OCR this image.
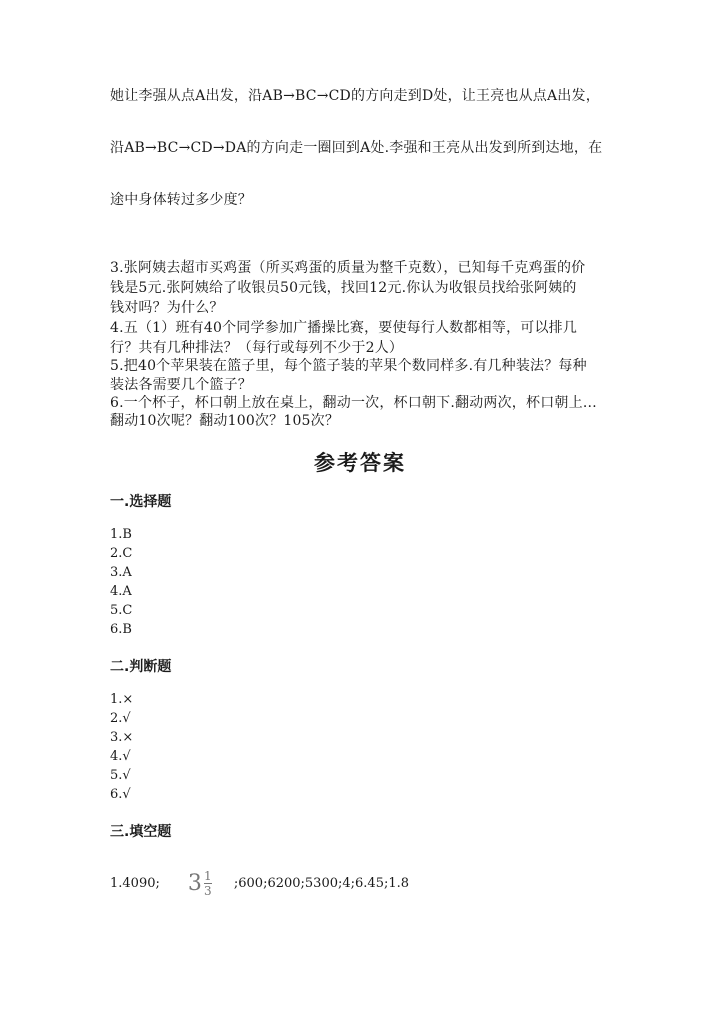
她让李强从点A出发，沿AB→BC→CD的方向走到D处，让王亮也从点A出发，
沿AB→BC→CD→DA的方向走一圈回到A处.李强和王亮从出发到所到达地，在
途中身体转过多少度？
3.张阿姨去超市买鸡蛋（所买鸡蛋的质量为整千克数），已知每千克鸡蛋的价
钱是5元.张阿姨给了收银员50元钱，找回12元.你认为收银员找给张阿姨的
钱对吗？为什么？
4.五（1）班有40个同学参加广播操比赛，要使每行人数都相等，可以排几
行？共有几种排法？（每行或每列不少于2人）
5.把40个苹果装在篮子里，每个篮子装的苹果个数同样多.有几种装法？每种
装法各需要几个篮子？
6.一个杯子，杯口朝上放在桌上，翻动一次，杯口朝下.翻动两次，杯口朝上…
翻动10次呢？翻动100次？105次？
参考答案
一.选择题
1.B
2.C
3.A
4.A
5.C
6.B
二.判断题
1.×
2.√
3.×
4.√
5.√
6.√
三.填空题
1.4090; $3 \frac{1}{3}$ ;600;6200;5300;4;6.45;1.8
